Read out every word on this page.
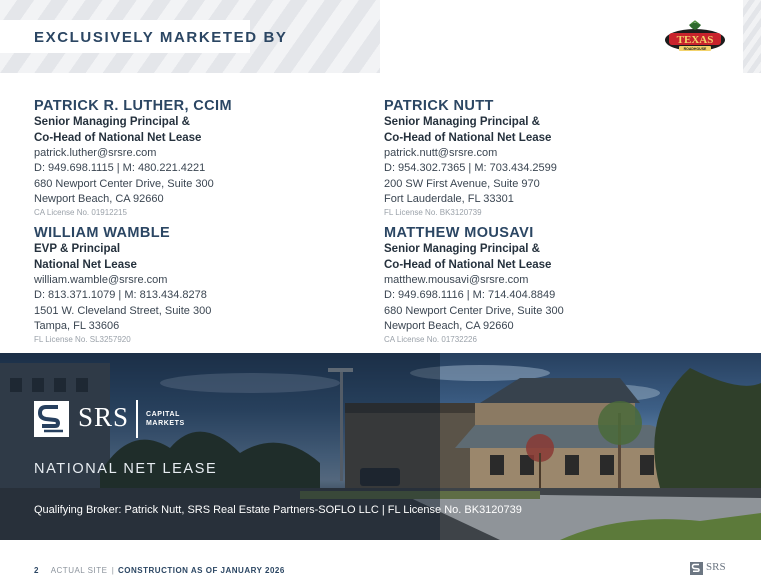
EXCLUSIVELY MARKETED BY	TEXAS
ROADHOUSE
PATRICK R. LUTHER, CCIM
Senior Managing Principal &
Co-Head of National Net Lease
patrick.luther@srsre.com
D: 949.698.1115 | M: 480.221.4221
680 Newport Center Drive, Suite 300
Newport Beach, CA 92660
CA License No. 01912215
PATRICK NUTT
Senior Managing Principal &
Co-Head of National Net Lease
patrick.nutt@srsre.com
D: 954.302.7365 | M: 703.434.2599
200 SW First Avenue, Suite 970
Fort Lauderdale, FL 33301
FL License No. BK3120739
WILLIAM WAMBLE
EVP & Principal
National Net Lease
william.wamble@srsre.com
D: 813.371.1079 | M: 813.434.8278
1501 W. Cleveland Street, Suite 300
Tampa, FL 33606
FL License No. SL3257920
MATTHEW MOUSAVI
Senior Managing Principal &
Co-Head of National Net Lease
matthew.mousavi@srsre.com
D: 949.698.1116 | M: 714.404.8849
680 Newport Center Drive, Suite 300
Newport Beach, CA 92660
CA License No. 01732226
SRS CAPITAL
MARKETS
NATIONAL NET LEASE
Qualifying Broker: Patrick Nutt, SRS Real Estate Partners-SOFLO LLC | FL License No. BK3120739
2 ACTUAL SITE | CONSTRUCTION AS OF JANUARY 2026	SRS
